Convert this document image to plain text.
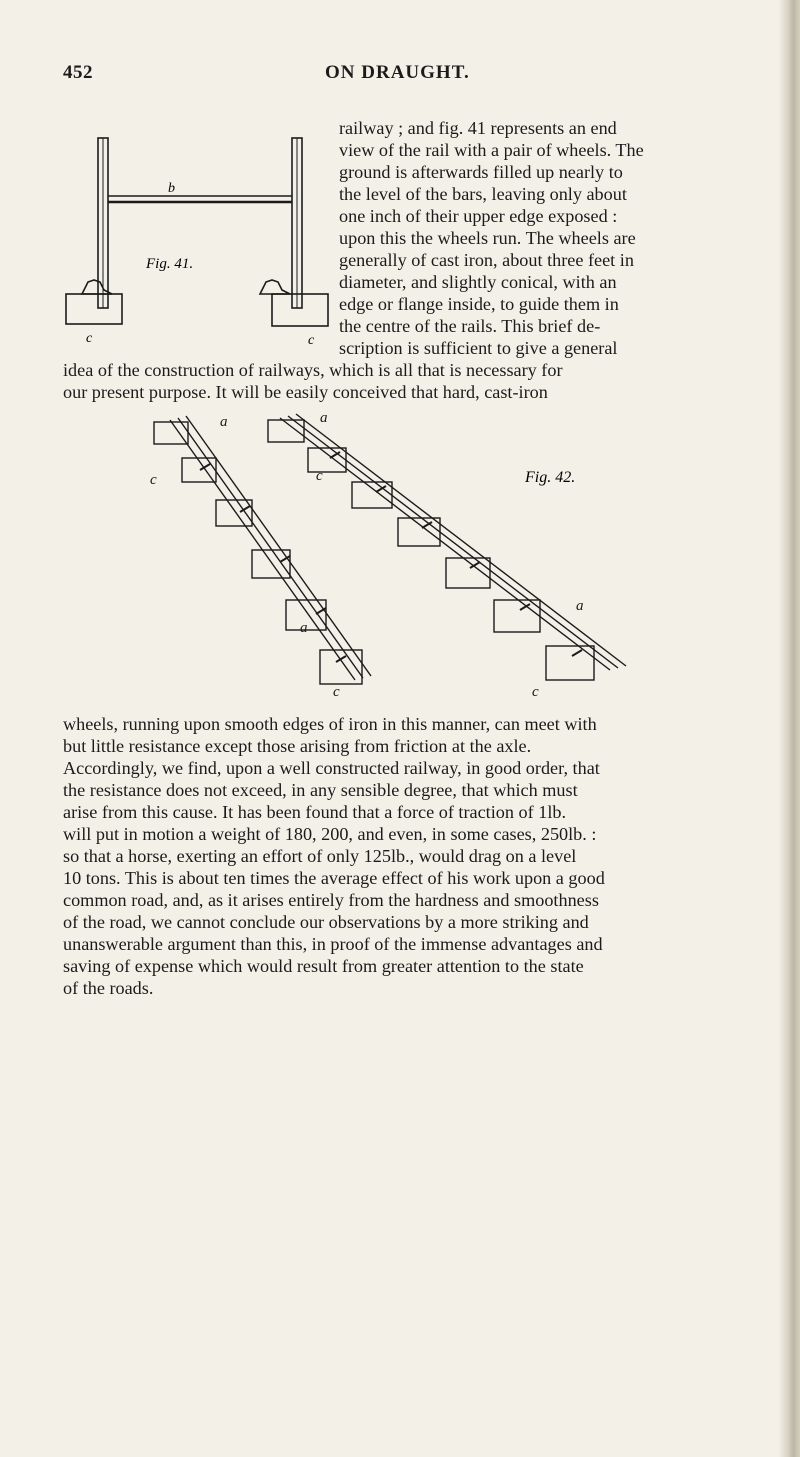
452	ON DRAUGHT.
b
Fig. 41.
c	c
railway ; and fig. 41 represents an end
view of the rail with a pair of wheels. The
ground is afterwards filled up nearly to
the level of the bars, leaving only about
one inch of their upper edge exposed :
upon this the wheels run. The wheels are
generally of cast iron, about three feet in
diameter, and slightly conical, with an
edge or flange inside, to guide them in
the centre of the rails. This brief de-
scription is sufficient to give a general
idea of the construction of railways, which is all that is necessary for
our present purpose. It will be easily conceived that hard, cast-iron
a	a
c	c
a
a
c	c
Fig. 42.
wheels, running upon smooth edges of iron in this manner, can meet with
but little resistance except those arising from friction at the axle.
Accordingly, we find, upon a well constructed railway, in good order, that
the resistance does not exceed, in any sensible degree, that which must
arise from this cause. It has been found that a force of traction of 1lb.
will put in motion a weight of 180, 200, and even, in some cases, 250lb. :
so that a horse, exerting an effort of only 125lb., would drag on a level
10 tons. This is about ten times the average effect of his work upon a good
common road, and, as it arises entirely from the hardness and smoothness
of the road, we cannot conclude our observations by a more striking and
unanswerable argument than this, in proof of the immense advantages and
saving of expense which would result from greater attention to the state
of the roads.
